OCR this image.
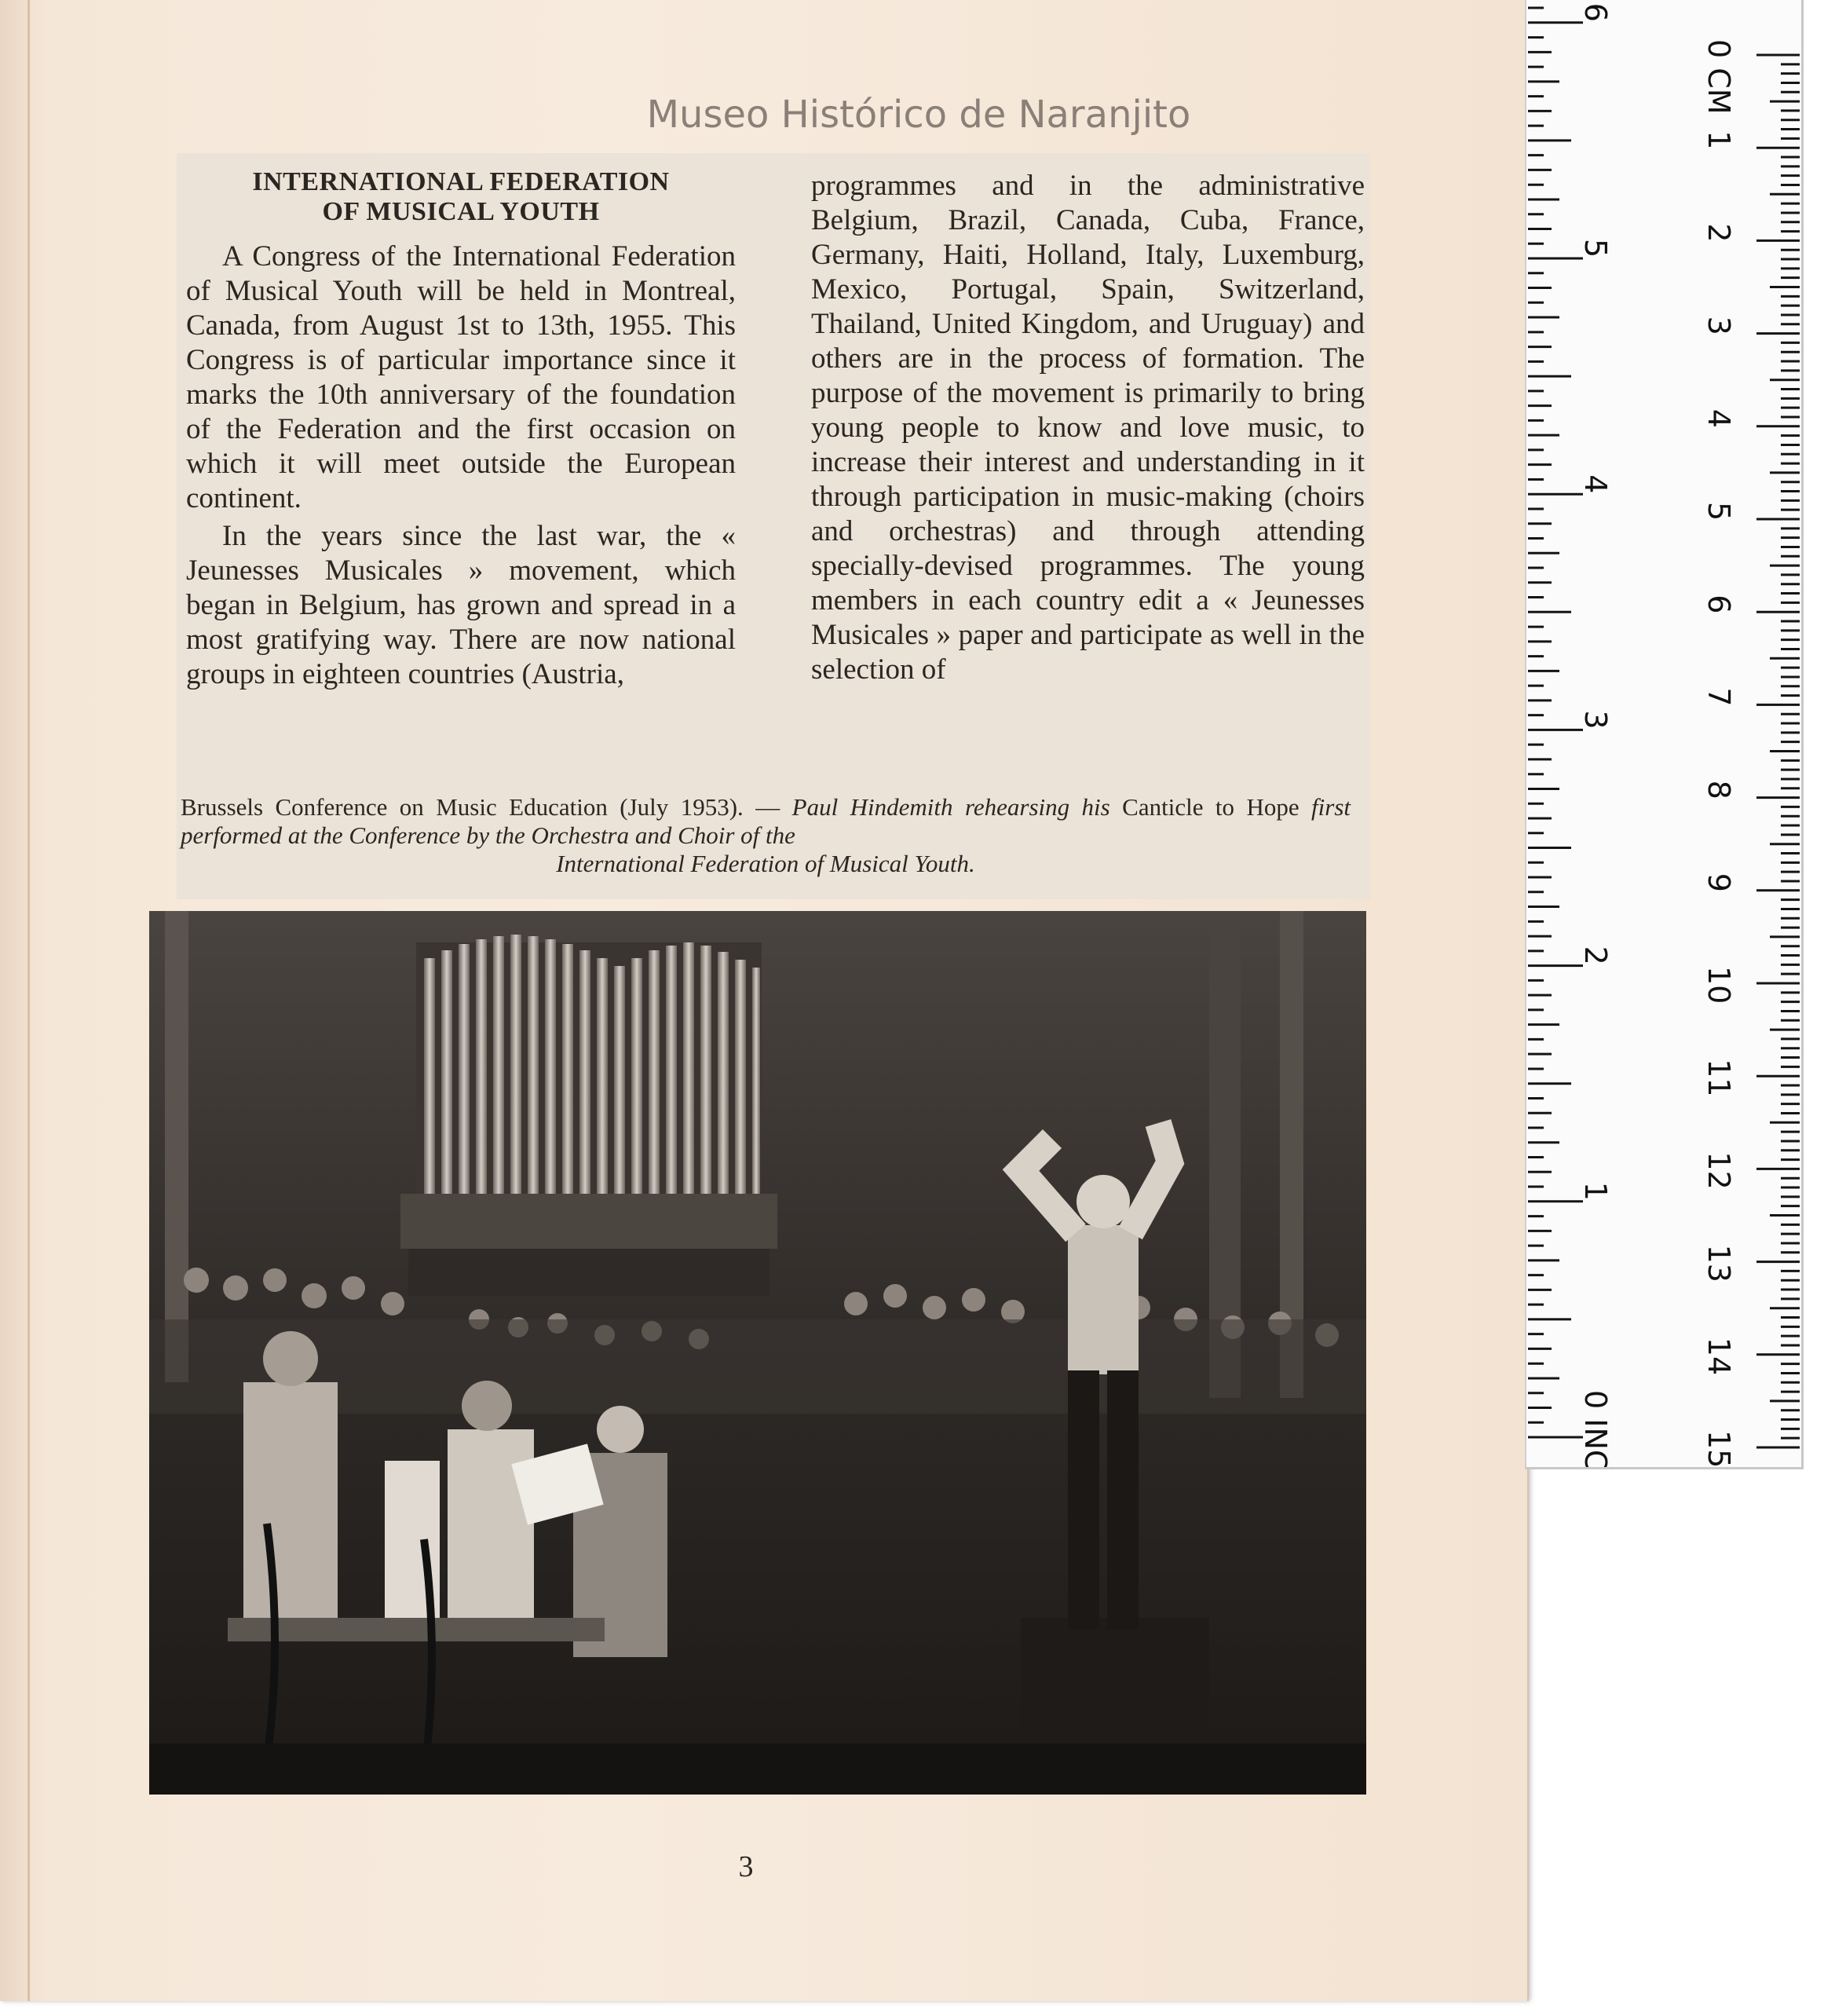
Museo Histórico de Naranjito
INTERNATIONAL FEDERATION
OF MUSICAL YOUTH

A Congress of the International Federation of Musical Youth will be held in Montreal, Canada, from August 1st to 13th, 1955. This Congress is of particular importance since it marks the 10th anniversary of the foundation of the Federation and the first occasion on which it will meet outside the European continent.

In the years since the last war, the « Jeunesses Musicales » movement, which began in Belgium, has grown and spread in a most gratifying way. There are now national groups in eighteen countries (Austria,

programmes and in the administrative Belgium, Brazil, Canada, Cuba, France, Germany, Haiti, Holland, Italy, Luxemburg, Mexico, Portugal, Spain, Switzerland, Thailand, United Kingdom, and Uruguay) and others are in the process of formation. The purpose of the movement is primarily to bring young people to know and love music, to increase their interest and understanding in it through participation in music-making (choirs and orchestras) and through attending specially-devised programmes. The young members in each country edit a « Jeunesses Musicales » paper and participate as well in the selection of

Brussels Conference on Music Education (July 1953). — Paul Hindemith rehearsing his Canticle to Hope first performed at the Conference by the Orchestra and Choir of the
International Federation of Musical Youth.
3
0 CM
1
2
3
4
5
6
7
8
9
10
11
12
13
14
15
0 INCH
1
2
3
4
5
6
